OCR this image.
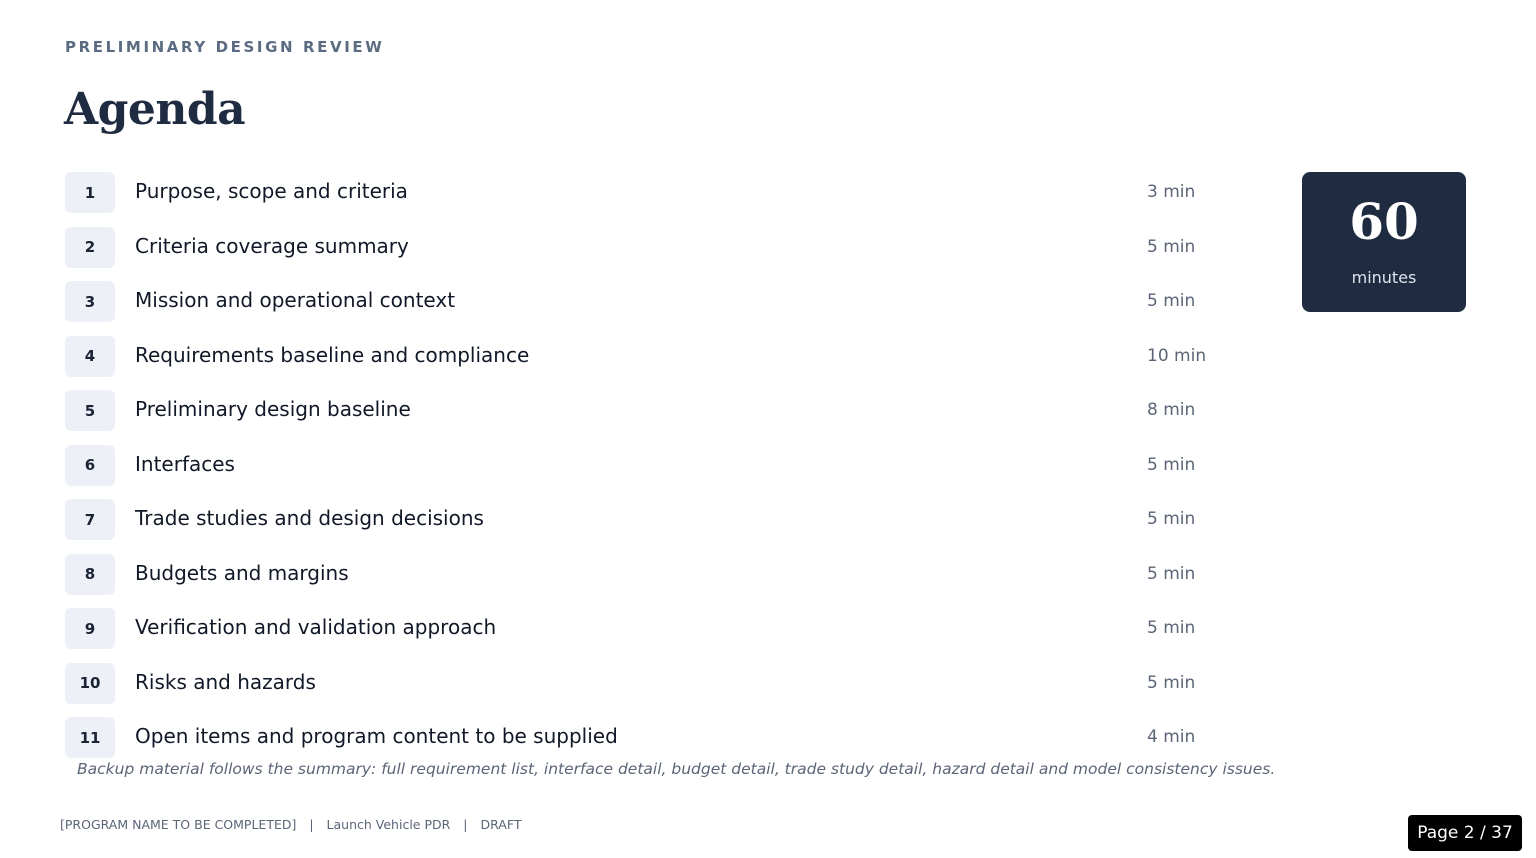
PRELIMINARY DESIGN REVIEW
Agenda
1	Purpose, scope and criteria	3 min
2	Criteria coverage summary	5 min
3	Mission and operational context	5 min
4	Requirements baseline and compliance	10 min
5	Preliminary design baseline	8 min
6	Interfaces	5 min
7	Trade studies and design decisions	5 min
8	Budgets and margins	5 min
9	Verification and validation approach	5 min
10	Risks and hazards	5 min
11	Open items and program content to be supplied	4 min
Backup material follows the summary: full requirement list, interface detail, budget detail, trade study detail, hazard detail and model consistency issues.
60
minutes
[PROGRAM NAME TO BE COMPLETED] | Launch Vehicle PDR | DRAFT	Page 2 / 37
